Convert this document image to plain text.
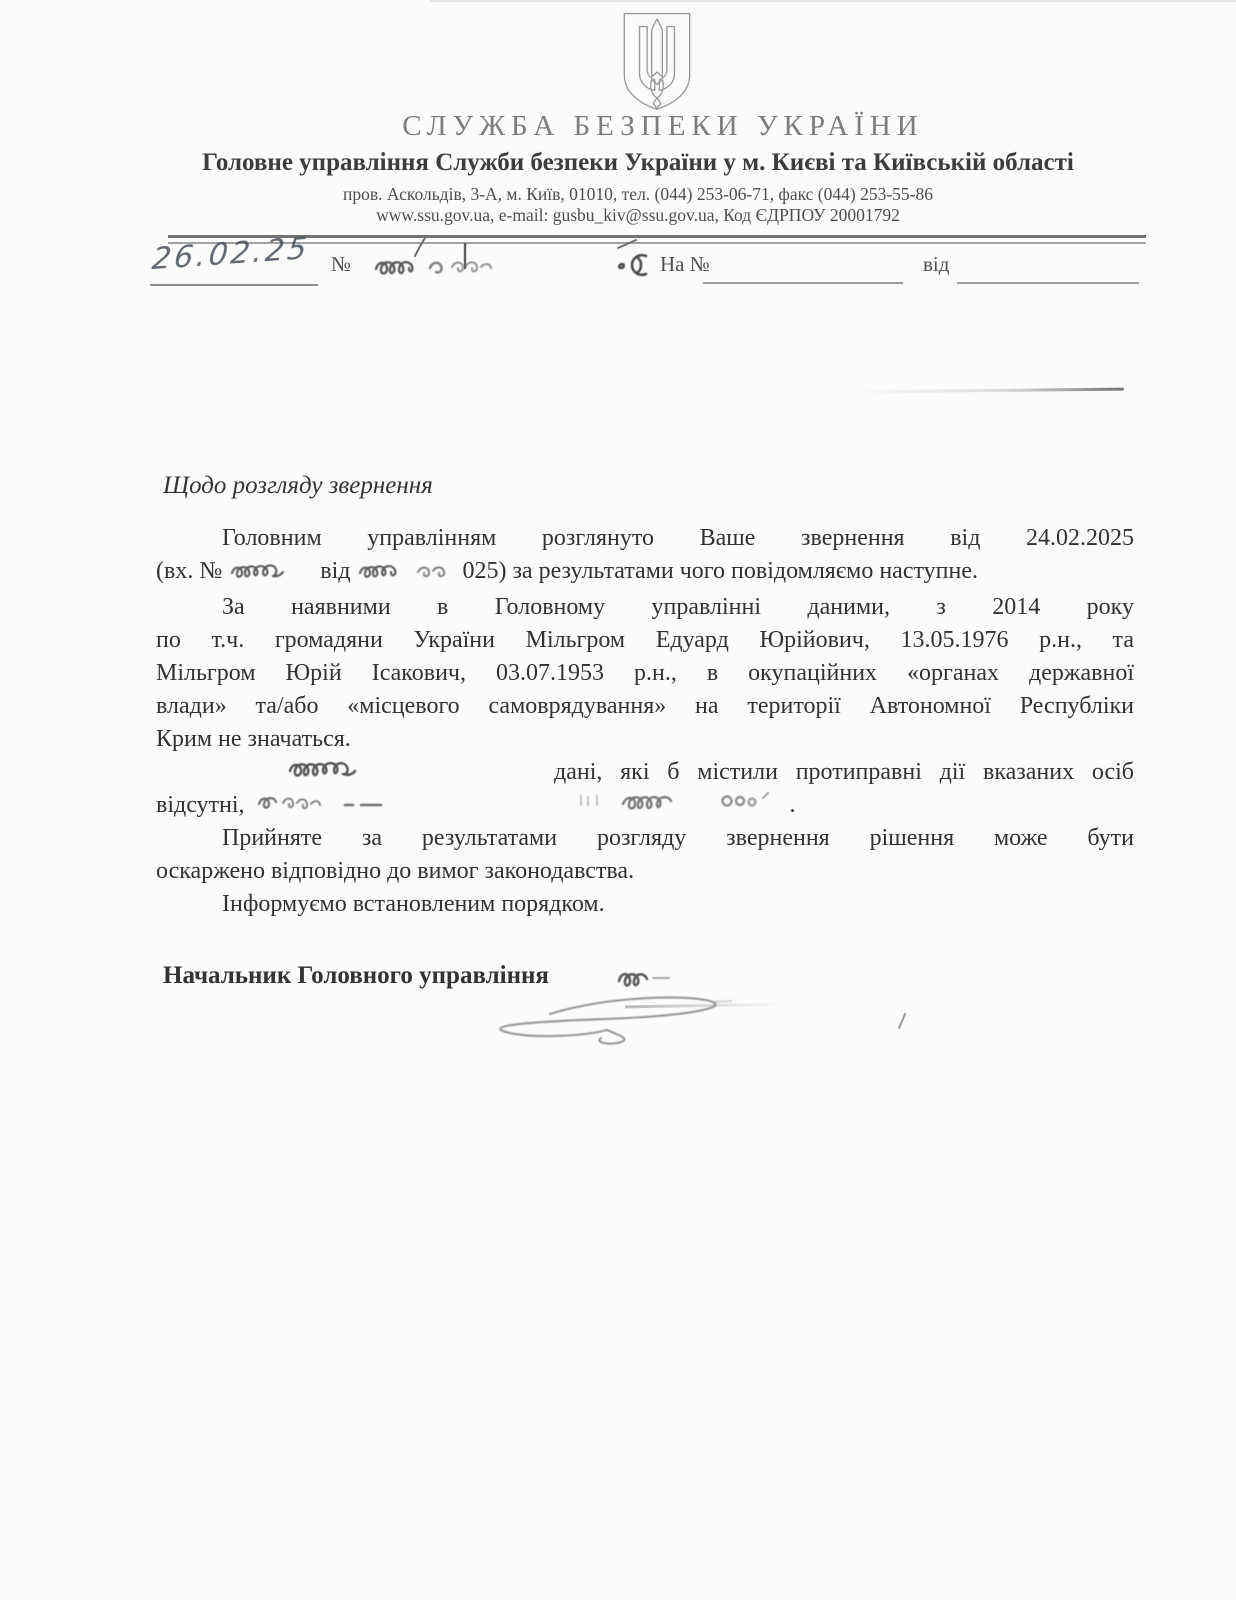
СЛУЖБА БЕЗПЕКИ УКРАЇНИ
Головне управління Служби безпеки України у м. Києві та Київській області
пров. Аскольдів, 3-А, м. Київ, 01010, тел. (044) 253-06-71, факс (044) 253-55-86
www.ssu.gov.ua, e-mail: gusbu_kiv@ssu.gov.ua, Код ЄДРПОУ 20001792
26.02.25 №	На №	від
Щодо розгляду звернення
Головним управлінням розглянуто Ваше звернення від 24.02.2025
(вх. №	від	025) за результатами чого повідомляємо наступне.
За наявними в Головному управлінні даними, з 2014 року
по т.ч. громадяни України Мільгром Едуард Юрійович, 13.05.1976 р.н., та
Мільгром Юрій Ісакович, 03.07.1953 р.н., в окупаційних «органах державної
влади» та/або «місцевого самоврядування» на території Автономної Республіки
Крим не значаться.
дані, які б містили протиправні дії вказаних осіб
відсутні,	.
Прийняте за результатами розгляду звернення рішення може бути
оскаржено відповідно до вимог законодавства.
Інформуємо встановленим порядком.
Начальник Головного управління
